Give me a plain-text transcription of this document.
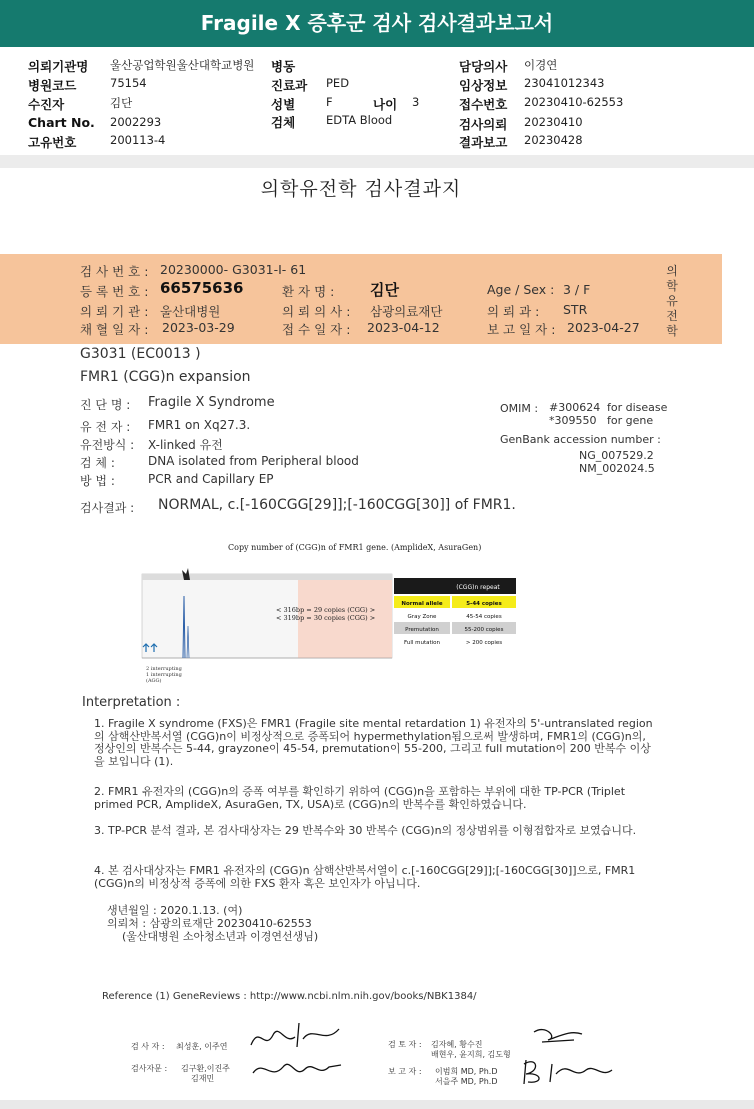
Fragile X 증후군 검사 검사결과보고서
의뢰기관명 울산공업학원울산대학교병원 병동
병원코드	75154	진료과 PED
수진자	김단	성별	F	나이 3
Chart No. 2002293	검체	EDTA Blood
고유번호	200113-4
담당의사 이경연
임상정보 23041012343
접수번호 20230410-62553
검사의뢰 20230410
결과보고 20230428
의학유전학 검사결과지
의학유전학
검 사 번 호 : 20230000- G3031-I- 61
등 록 번 호 : 66575636	환 자 명 : 김단	Age / Sex : 3 / F
의 뢰 기 관 : 울산대병원	의 뢰 의 사 : 삼광의료재단	의 뢰 과 : STR
채 혈 일 자 : 2023-03-29	접 수 일 자 : 2023-04-12	보 고 일 자 : 2023-04-27
G3031 (EC0013 )
FMR1 (CGG)n expansion
진 단 명 : Fragile X Syndrome
유 전 자 : FMR1 on Xq27.3.
유전방식 : X-linked 유전
검 체 :	DNA isolated from Peripheral blood
방 법 :	PCR and Capillary EP
OMIM : #300624 for disease
*309550 for gene
GenBank accession number :
NG_007529.2
NM_002024.5
검사결과 : NORMAL, c.[-160CGG[29]];[-160CGG[30]] of FMR1.
Copy number of (CGG)n of FMR1 gene. (AmplideX, AsuraGen)
< 316bp = 29 copies (CGG) >
< 319bp = 30 copies (CGG) >
2 interrupting
1 interrupting
(AGG)
(CGG)n repeat
Normal allele	5-44 copies
Gray Zone	45-54 copies
Premutation	55-200 copies
Full mutation	> 200 copies
Interpretation :
1. Fragile X syndrome (FXS)은 FMR1 (Fragile site mental retardation 1) 유전자의 5'-untranslated region의 삼핵산반복서열 (CGG)n이 비정상적으로 증폭되어 hypermethylation됨으로써 발생하며, FMR1의 (CGG)n의, 정상인의 반복수는 5-44, grayzone이 45-54, premutation이 55-200, 그리고 full mutation이 200 반복수 이상을 보입니다 (1).
2. FMR1 유전자의 (CGG)n의 증폭 여부를 확인하기 위하여 (CGG)n을 포함하는 부위에 대한 TP-PCR (Triplet primed PCR, AmplideX, AsuraGen, TX, USA)로 (CGG)n의 반복수를 확인하였습니다.
3. TP-PCR 분석 결과, 본 검사대상자는 29 반복수와 30 반복수 (CGG)n의 정상범위를 이형접합자로 보였습니다.
4. 본 검사대상자는 FMR1 유전자의 (CGG)n 삼핵산반복서열이 c.[-160CGG[29]];[-160CGG[30]]으로, FMR1 (CGG)n의 비정상적 증폭에 의한 FXS 환자 혹은 보인자가 아닙니다.
생년월일 : 2020.1.13. (여)
의뢰처 : 삼광의료재단 20230410-62553
(울산대병원 소아청소년과 이경연선생님)
Reference (1) GeneReviews : http://www.ncbi.nlm.nih.gov/books/NBK1384/
검 사 자 : 최성훈, 이주연
검사자문 : 김구환,이진주
김재민
검 토 자 : 김자혜, 황수진
배현우, 윤지희, 김도형
보 고 자 : 이범희 MD, Ph.D
서을주 MD, Ph.D
